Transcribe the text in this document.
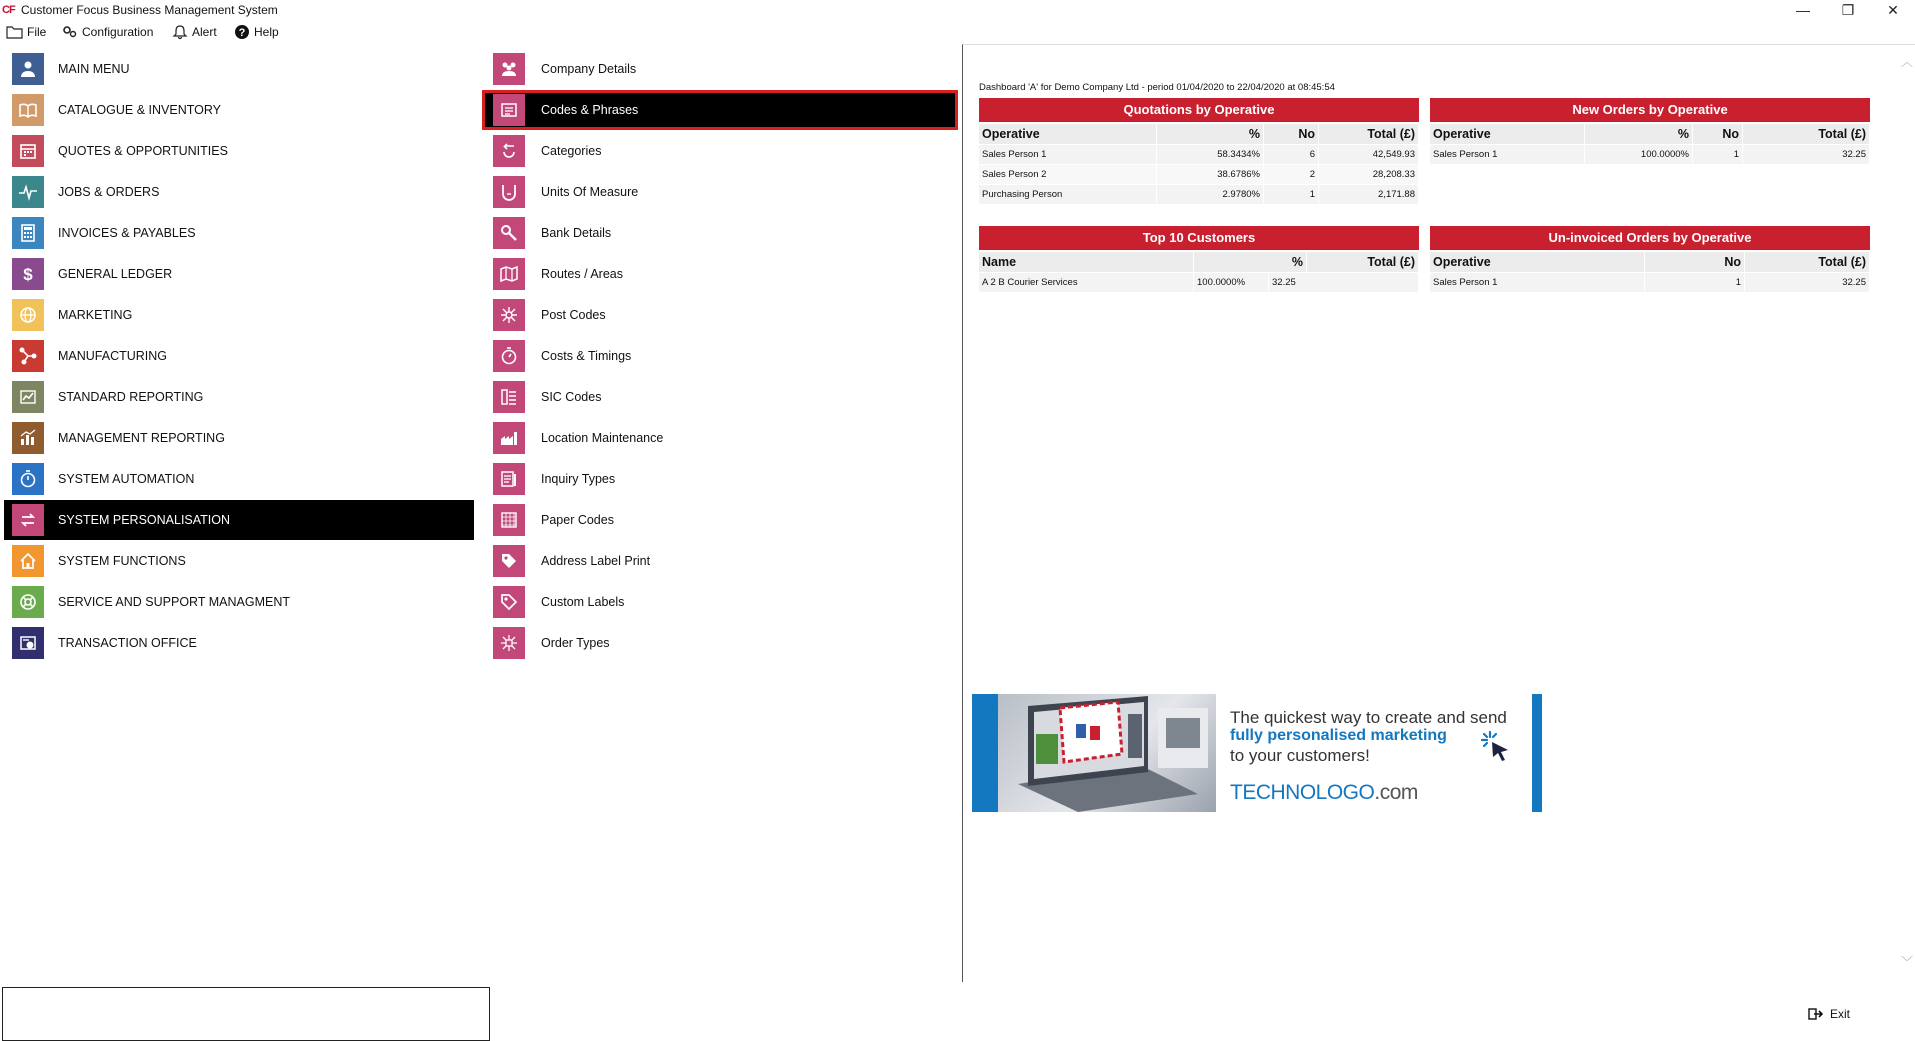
CF Customer Focus Business Management System	—	❐	✕
File	Configuration	Alert ? Help
MAIN MENU
CATALOGUE & INVENTORY
QUOTES & OPPORTUNITIES
JOBS & ORDERS
INVOICES & PAYABLES
$ GENERAL LEDGER
MARKETING
MANUFACTURING
STANDARD REPORTING
MANAGEMENT REPORTING
SYSTEM AUTOMATION
SYSTEM PERSONALISATION
SYSTEM FUNCTIONS
SERVICE AND SUPPORT MANAGMENT
TRANSACTION OFFICE
Company Details
Codes & Phrases
Categories
Units Of Measure
Bank Details
Routes / Areas
Post Codes
Costs & Timings
SIC Codes
Location Maintenance
Inquiry Types
Paper Codes
Address Label Print
Custom Labels
Order Types
︿
Dashboard 'A' for Demo Company Ltd - period 01/04/2020 to 22/04/2020 at 08:45:54
Quotations by Operative
Operative	%	No	Total (£)
Sales Person 1	58.3434%	6	42,549.93
Sales Person 2	38.6786%	2	28,208.33
Purchasing Person	2.9780%	1	2,171.88
New Orders by Operative
Operative	%	No	Total (£)
Sales Person 1	100.0000%	1	32.25
Top 10 Customers
Name	%	Total (£)
A 2 B Courier Services	100.0000%	32.25
Un-invoiced Orders by Operative
Operative	No	Total (£)
Sales Person 1	1	32.25
﹀
The quickest way to create and send
fully personalised marketing
to your customers!
TECHNOLOGO.com
Exit
